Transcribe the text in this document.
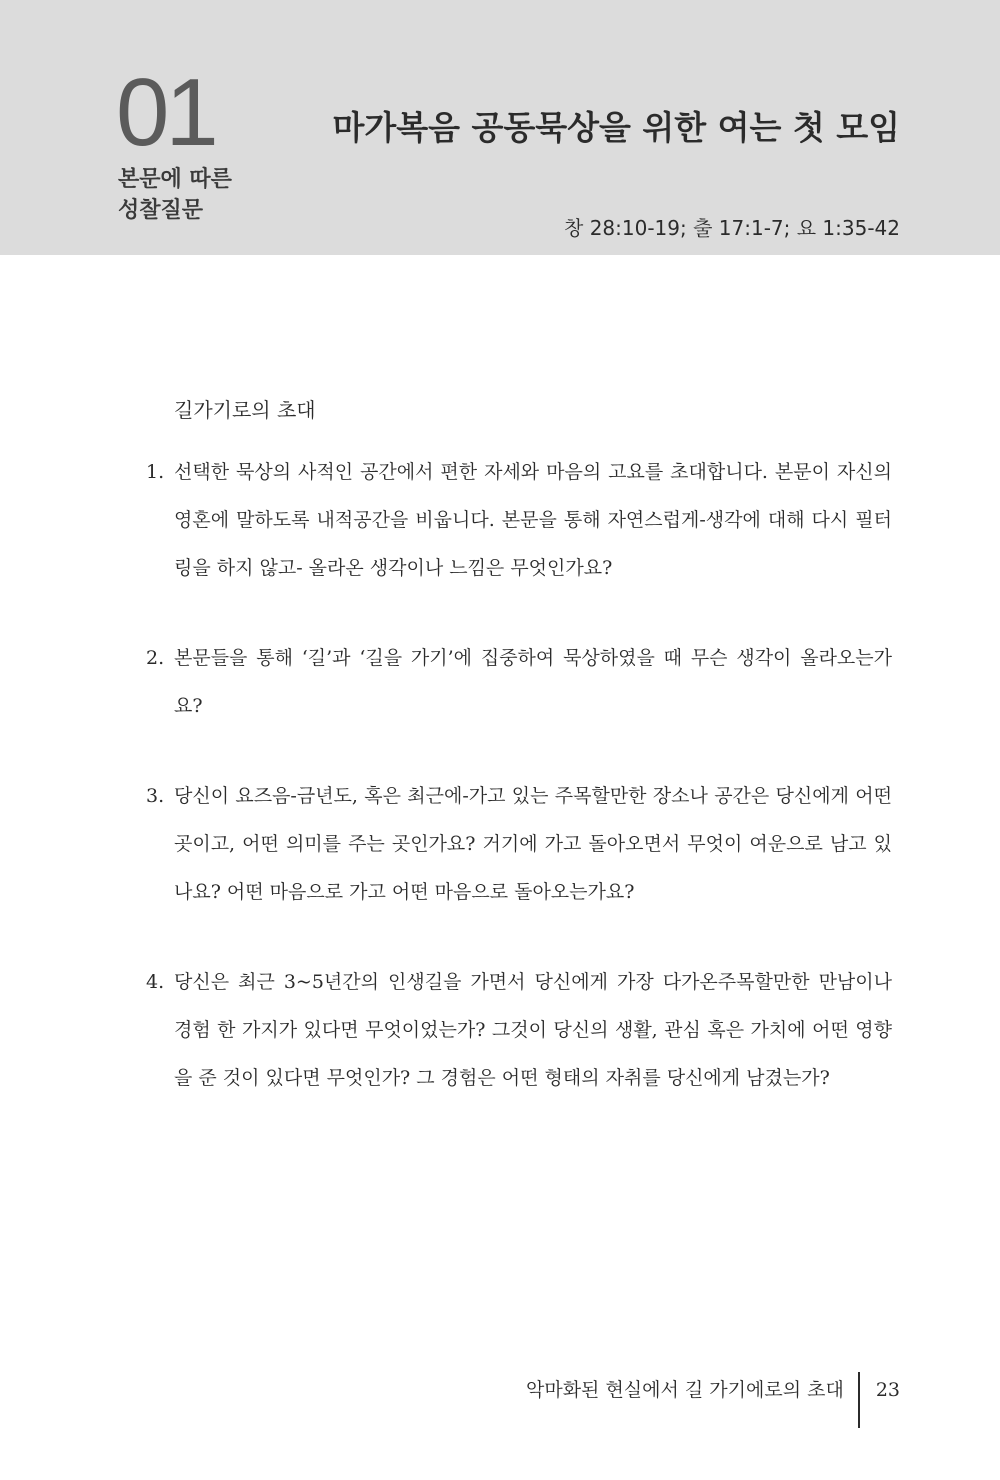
01
본문에 따른
성찰질문
마가복음 공동묵상을 위한 여는 첫 모임
창 28:10-19; 출 17:1-7; 요 1:35-42
길가기로의 초대
1. 선택한 묵상의 사적인 공간에서 편한 자세와 마음의 고요를 초대합니다. 본문이 자신의 영혼에 말하도록 내적공간을 비웁니다. 본문을 통해 자연스럽게-생각에 대해 다시 필터링을 하지 않고- 올라온 생각이나 느낌은 무엇인가요?
2. 본문들을 통해 ‘길’과 ‘길을 가기’에 집중하여 묵상하였을 때 무슨 생각이 올라오는가요?
3. 당신이 요즈음-금년도, 혹은 최근에-가고 있는 주목할만한 장소나 공간은 당신에게 어떤 곳이고, 어떤 의미를 주는 곳인가요? 거기에 가고 돌아오면서 무엇이 여운으로 남고 있나요? 어떤 마음으로 가고 어떤 마음으로 돌아오는가요?
4. 당신은 최근 3~5년간의 인생길을 가면서 당신에게 가장 다가온주목할만한 만남이나 경험 한 가지가 있다면 무엇이었는가? 그것이 당신의 생활, 관심 혹은 가치에 어떤 영향을 준 것이 있다면 무엇인가? 그 경험은 어떤 형태의 자취를 당신에게 남겼는가?
악마화된 현실에서 길 가기에로의 초대 23
